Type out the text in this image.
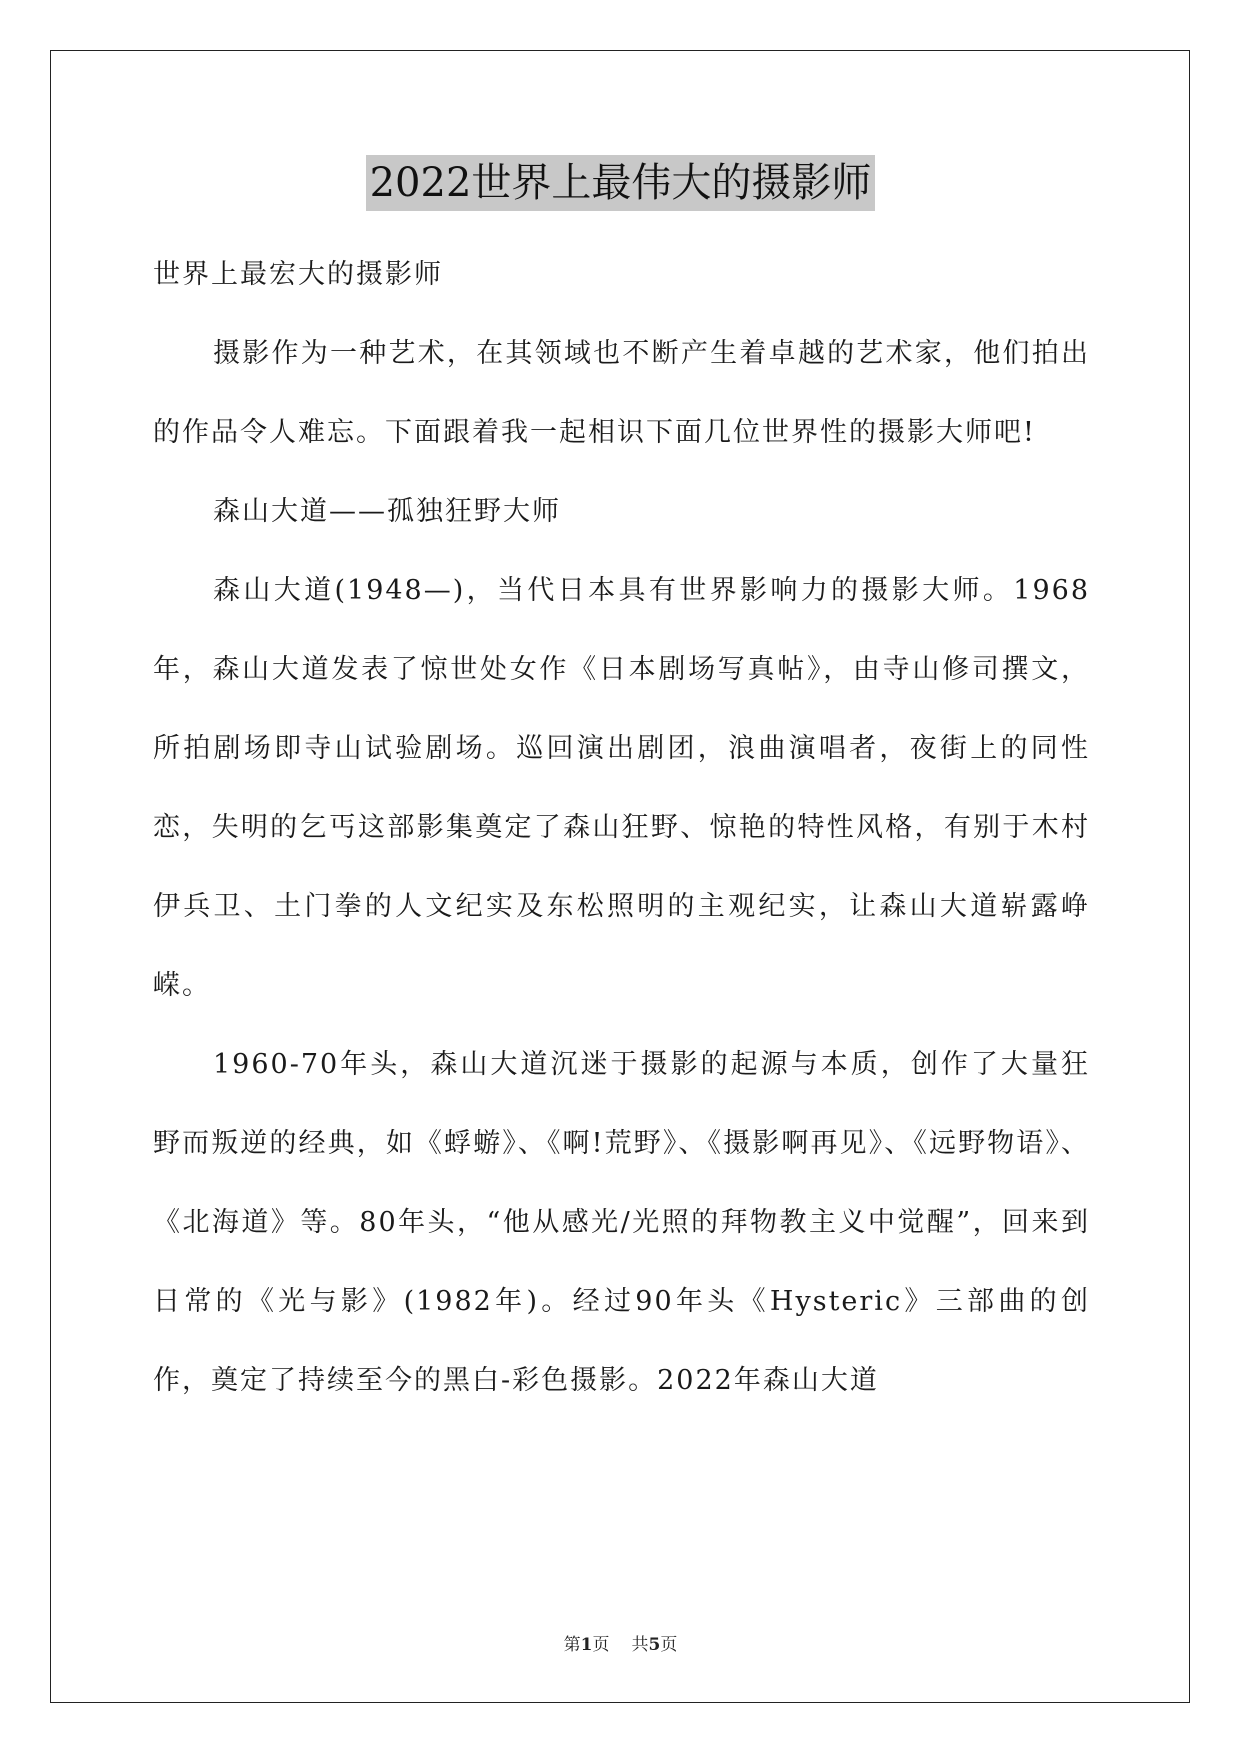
2022世界上最伟大的摄影师

世界上最宏大的摄影师

摄影作为一种艺术，在其领域也不断产生着卓越的艺术家，他们拍出的作品令人难忘。下面跟着我一起相识下面几位世界性的摄影大师吧!

森山大道——孤独狂野大师

森山大道(1948—)，当代日本具有世界影响力的摄影大师。1968年，森山大道发表了惊世处女作《日本剧场写真帖》，由寺山修司撰文，所拍剧场即寺山试验剧场。巡回演出剧团，浪曲演唱者，夜街上的同性恋，失明的乞丐这部影集奠定了森山狂野、惊艳的特性风格，有别于木村伊兵卫、土门拳的人文纪实及东松照明的主观纪实，让森山大道崭露峥嵘。

1960-70年头，森山大道沉迷于摄影的起源与本质，创作了大量狂野而叛逆的经典，如《蜉蝣》、《啊!荒野》、《摄影啊再见》、《远野物语》、《北海道》等。80年头，“他从感光/光照的拜物教主义中觉醒”，回来到日常的《光与影》(1982年)。经过90年头《Hysteric》三部曲的创作，奠定了持续至今的黑白-彩色摄影。2022年森山大道

第1页 共5页
